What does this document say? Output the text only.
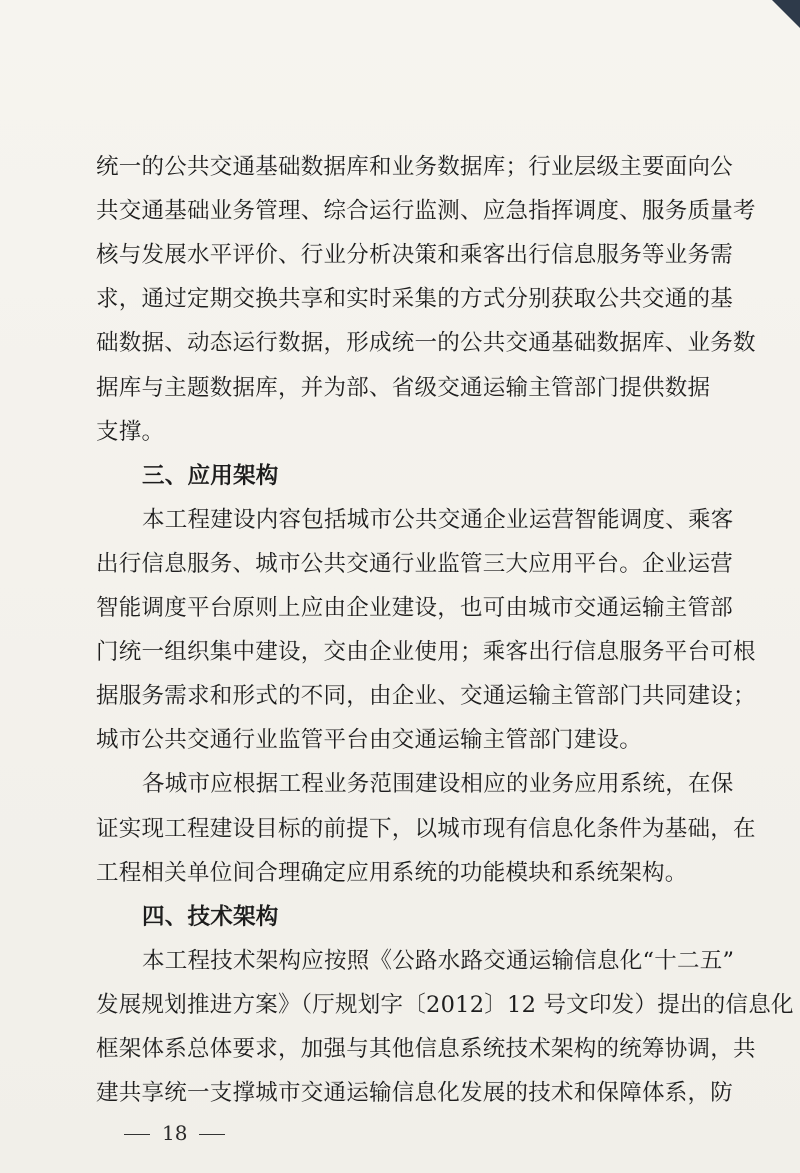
统一的公共交通基础数据库和业务数据库；行业层级主要面向公
共交通基础业务管理、综合运行监测、应急指挥调度、服务质量考
核与发展水平评价、行业分析决策和乘客出行信息服务等业务需
求，通过定期交换共享和实时采集的方式分别获取公共交通的基
础数据、动态运行数据，形成统一的公共交通基础数据库、业务数
据库与主题数据库，并为部、省级交通运输主管部门提供数据
支撑。
三、应用架构
本工程建设内容包括城市公共交通企业运营智能调度、乘客
出行信息服务、城市公共交通行业监管三大应用平台。企业运营
智能调度平台原则上应由企业建设，也可由城市交通运输主管部
门统一组织集中建设，交由企业使用；乘客出行信息服务平台可根
据服务需求和形式的不同，由企业、交通运输主管部门共同建设；
城市公共交通行业监管平台由交通运输主管部门建设。
各城市应根据工程业务范围建设相应的业务应用系统，在保
证实现工程建设目标的前提下，以城市现有信息化条件为基础，在
工程相关单位间合理确定应用系统的功能模块和系统架构。
四、技术架构
本工程技术架构应按照《公路水路交通运输信息化“十二五”
发展规划推进方案》（厅规划字〔2012〕12 号文印发）提出的信息化
框架体系总体要求，加强与其他信息系统技术架构的统筹协调，共
建共享统一支撑城市交通运输信息化发展的技术和保障体系，防
18
